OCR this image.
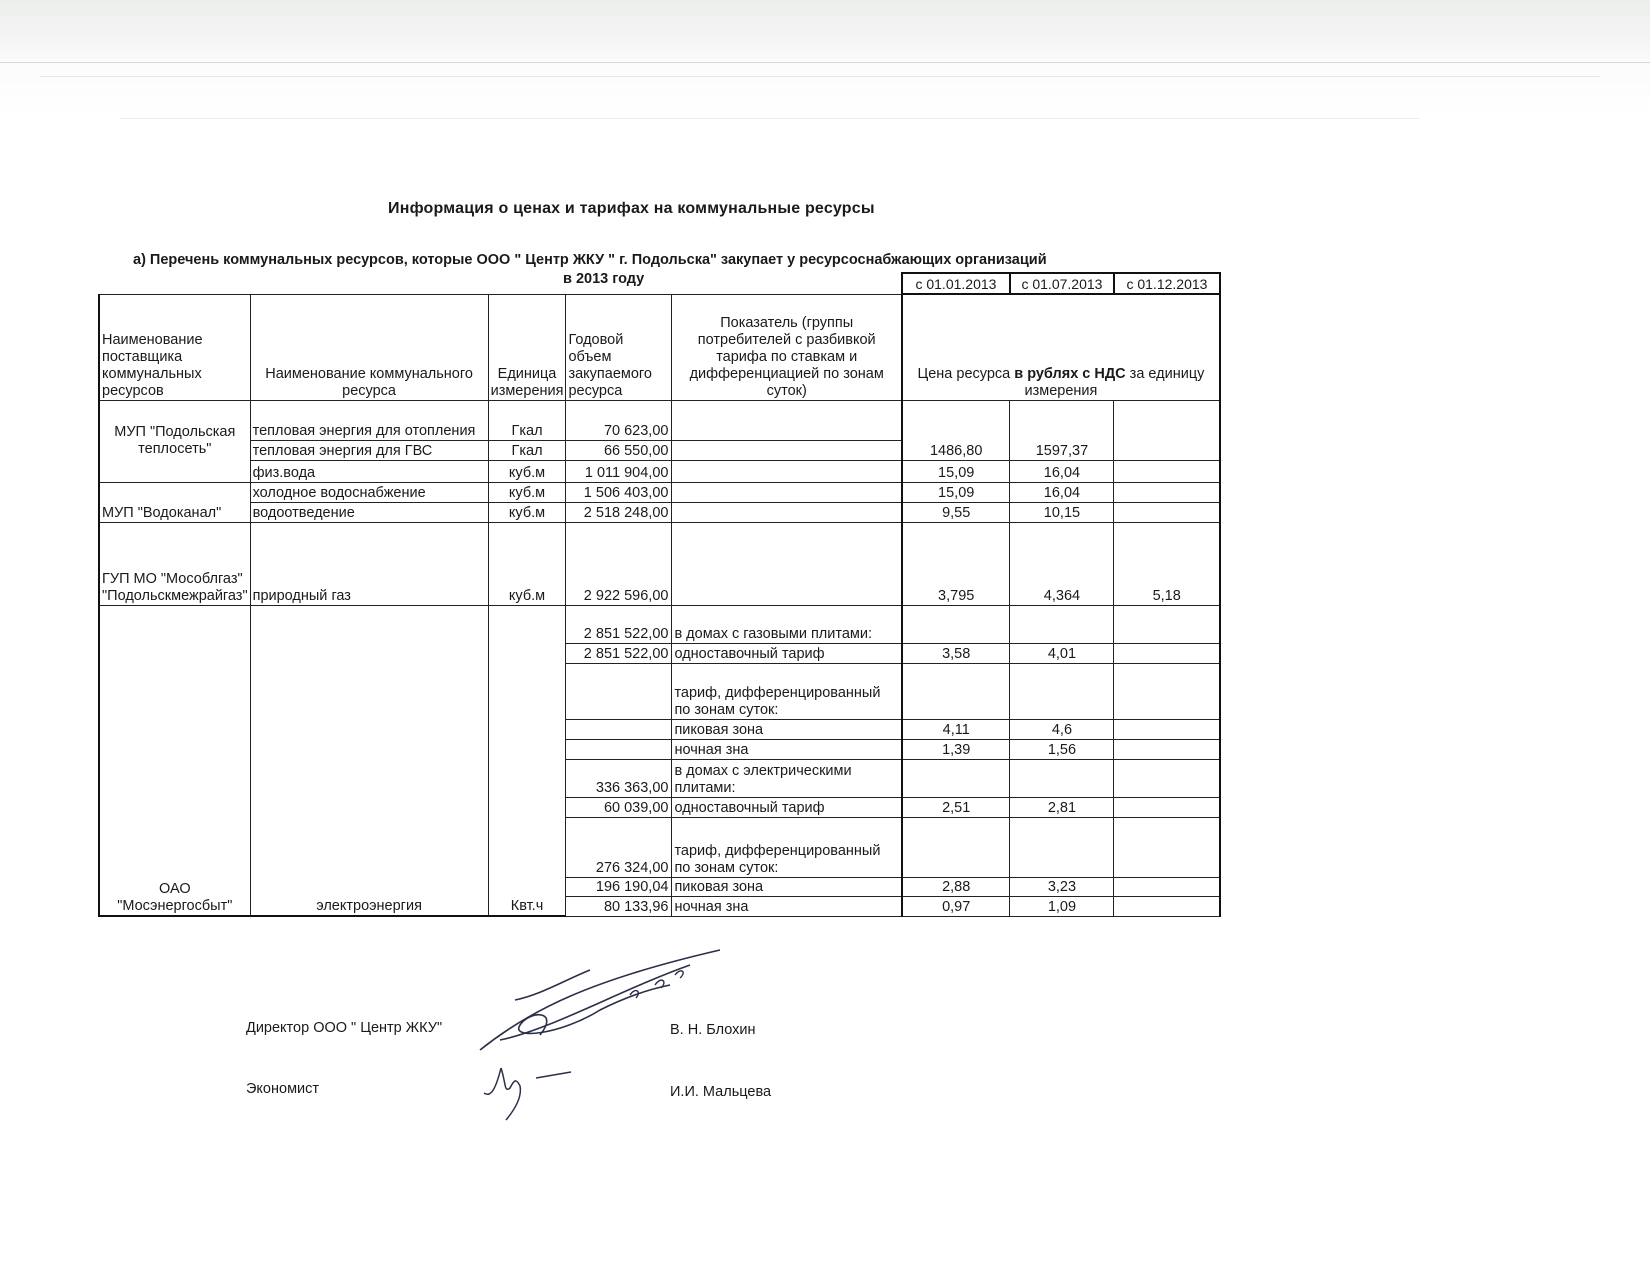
Информация о ценах и тарифах на коммунальные ресурсы
а) Перечень коммунальных ресурсов, которые ООО " Центр ЖКУ " г. Подольска" закупает у ресурсоснабжающих организаций
в 2013 году
					с 01.01.2013	с 01.07.2013	с 01.12.2013
Наименование поставщика коммунальных ресурсов	Наименование коммунального ресурса	Единица измерения	Годовой объем закупаемого ресурса	Показатель (группы потребителей с разбивкой тарифа по ставкам и дифференциацией по зонам суток)	Цена ресурса в рублях с НДС за единицу измерения		
МУП "Подольская теплосеть"	тепловая энергия для отопления	Гкал	70 623,00		1486,80	1597,37	
	тепловая энергия для ГВС	Гкал	66 550,00				
	физ.вода	куб.м	1 011 904,00		15,09	16,04	
МУП "Водоканал"	холодное водоснабжение	куб.м	1 506 403,00		15,09	16,04	
	водоотведение	куб.м	2 518 248,00		9,55	10,15	
ГУП МО "Мособлгаз" "Подольскмежрайгаз"	природный газ	куб.м	2 922 596,00		3,795	4,364	5,18
ОАО "Мосэнергосбыт"	электроэнергия	Квт.ч	2 851 522,00	в домах с газовыми плитами:			
			2 851 522,00	одноставочный тариф	3,58	4,01	
				тариф, дифференцированный по зонам суток:			
				пиковая зона	4,11	4,6	
				ночная зна	1,39	1,56	
			336 363,00	в домах с электрическими плитами:			
			60 039,00	одноставочный тариф	2,51	2,81	
			276 324,00	тариф, дифференцированный по зонам суток:			
			196 190,04	пиковая зона	2,88	3,23	
			80 133,96	ночная зна	0,97	1,09	
Директор ООО " Центр ЖКУ"	В. Н. Блохин
Экономист	И.И. Мальцева
